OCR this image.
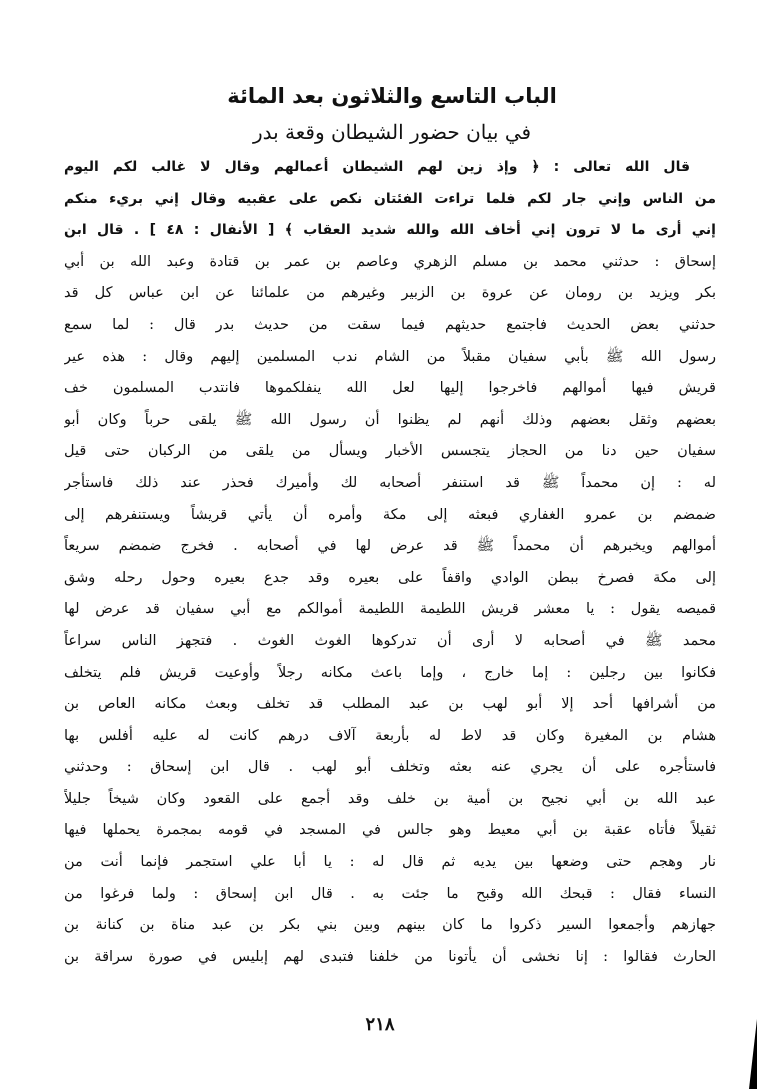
الباب التاسع والثلاثون بعد المائة
في بيان حضور الشيطان وقعة بدر
قال الله تعالى : ﴿ وإذ زين لهم الشيطان أعمالهم وقال لا غالب لكم اليوم
من الناس وإني جار لكم فلما تراءت الفئتان نكص على عقبيه وقال إني بريء منكم
إني أرى ما لا ترون إني أخاف الله والله شديد العقاب ﴾ [ الأنفال : ٤٨ ] . قال ابن
إسحاق : حدثني محمد بن مسلم الزهري وعاصم بن عمر بن قتادة وعبد الله بن أبي
بكر ويزيد بن رومان عن عروة بن الزبير وغيرهم من علمائنا عن ابن عباس كل قد
حدثني بعض الحديث فاجتمع حديثهم فيما سقت من حديث بدر قال : لما سمع
رسول الله ﷺ بأبي سفيان مقبلاً من الشام ندب المسلمين إليهم وقال : هذه عير
قريش فيها أموالهم فاخرجوا إليها لعل الله ينفلكموها فانتدب المسلمون خف
بعضهم وثقل بعضهم وذلك أنهم لم يظنوا أن رسول الله ﷺ يلقى حرباً وكان أبو
سفيان حين دنا من الحجاز يتجسس الأخبار ويسأل من يلقى من الركبان حتى قيل
له : إن محمداً ﷺ قد استنفر أصحابه لك وأميرك فحذر عند ذلك فاستأجر
ضمضم بن عمرو الغفاري فبعثه إلى مكة وأمره أن يأتي قريشاً ويستنفرهم إلى
أموالهم ويخبرهم أن محمداً ﷺ قد عرض لها في أصحابه . فخرج ضمضم سريعاً
إلى مكة فصرخ ببطن الوادي واقفاً على بعيره وقد جدع بعيره وحول رحله وشق
قميصه يقول : يا معشر قريش اللطيمة اللطيمة أموالكم مع أبي سفيان قد عرض لها
محمد ﷺ في أصحابه لا أرى أن تدركوها الغوث الغوث . فتجهز الناس سراعاً
فكانوا بين رجلين : إما خارج ، وإما باعث مكانه رجلاً وأوعيت قريش فلم يتخلف
من أشرافها أحد إلا أبو لهب بن عبد المطلب قد تخلف وبعث مكانه العاص بن
هشام بن المغيرة وكان قد لاط له بأربعة آلاف درهم كانت له عليه أفلس بها
فاستأجره على أن يجري عنه بعثه وتخلف أبو لهب . قال ابن إسحاق : وحدثني
عبد الله بن أبي نجيح بن أمية بن خلف وقد أجمع على القعود وكان شيخاً جليلاً
ثقيلاً فأتاه عقبة بن أبي معيط وهو جالس في المسجد في قومه بمجمرة يحملها فيها
نار وهجم حتى وضعها بين يديه ثم قال له : يا أبا علي استجمر فإنما أنت من
النساء فقال : قبحك الله وقبح ما جئت به . قال ابن إسحاق : ولما فرغوا من
جهازهم وأجمعوا السير ذكروا ما كان بينهم وبين بني بكر بن عبد مناة بن كنانة بن
الحارث فقالوا : إنا نخشى أن يأتونا من خلفنا فتبدى لهم إبليس في صورة سراقة بن
٢١٨
